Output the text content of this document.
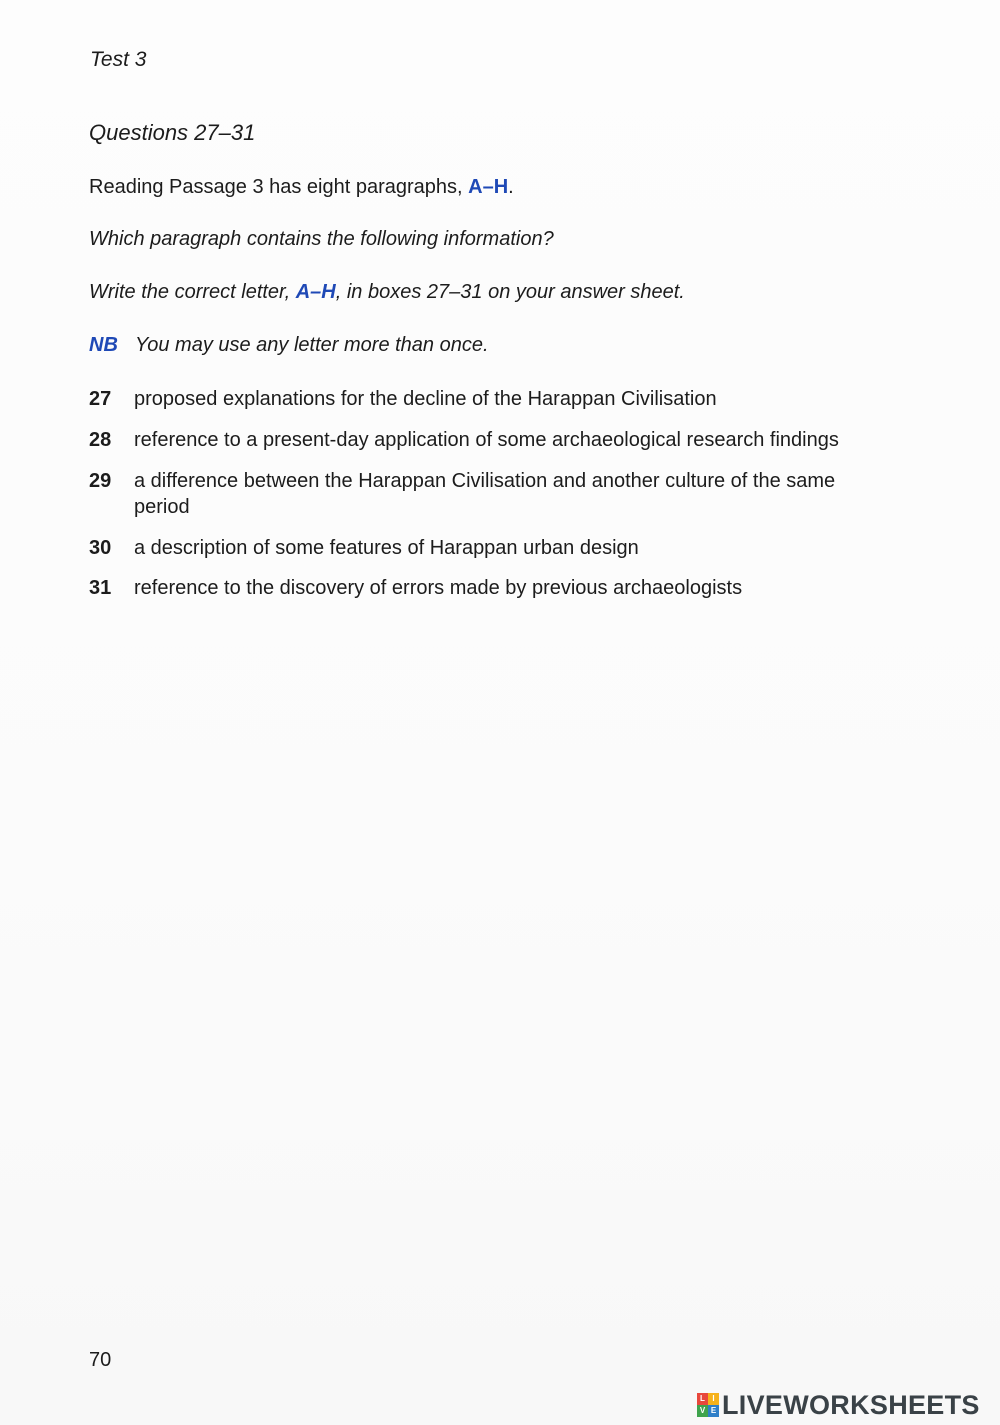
Test 3
Questions 27–31
Reading Passage 3 has eight paragraphs, A–H.
Which paragraph contains the following information?
Write the correct letter, A–H, in boxes 27–31 on your answer sheet.
NB You may use any letter more than once.
27	proposed explanations for the decline of the Harappan Civilisation
28	reference to a present-day application of some archaeological research findings
29	a difference between the Harappan Civilisation and another culture of the same period
30	a description of some features of Harappan urban design
31	reference to the discovery of errors made by previous archaeologists
70
L I
V E LIVEWORKSHEETS
